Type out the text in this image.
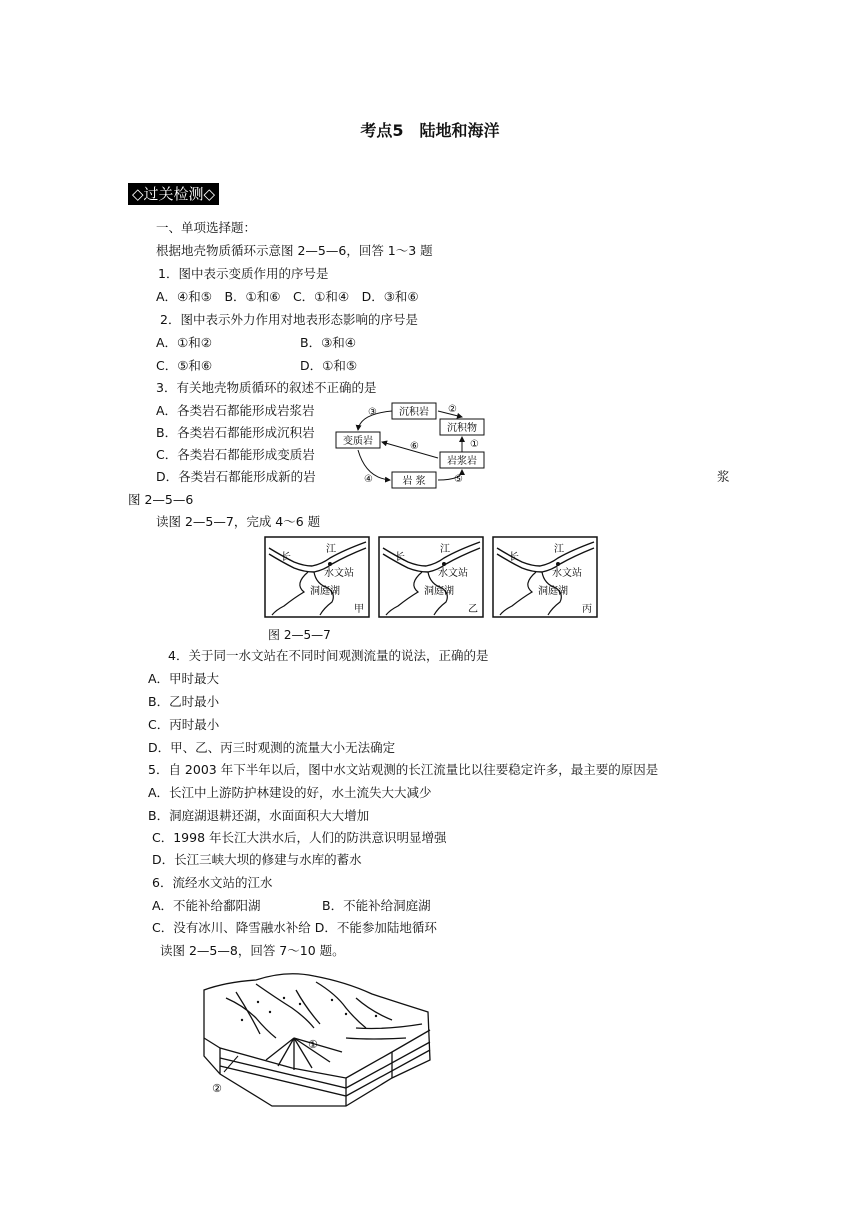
考点5　陆地和海洋
◇过关检测◇
一、单项选择题：
根据地壳物质循环示意图 2—5—6，回答 1～3 题
1．图中表示变质作用的序号是
A．④和⑤　B．①和⑥　C．①和④　D．③和⑥
2．图中表示外力作用对地表形态影响的序号是
A．①和②	B．③和④
C．⑤和⑥	D．①和⑤
3．有关地壳物质循环的叙述不正确的是
A．各类岩石都能形成岩浆岩
B．各类岩石都能形成沉积岩
C．各类岩石都能形成变质岩
D．各类岩石都能形成新的岩	浆
图 2—5—6
沉积岩
沉积物
变质岩
岩浆岩
岩 浆
②
③
①
⑥
④	⑤
读图 2—5—7，完成 4～6 题
长
江
水文站
洞庭湖
甲
长
江
水文站
洞庭湖
乙
长
江
水文站
洞庭湖
丙
图 2—5—7
4．关于同一水文站在不同时间观测流量的说法，正确的是
A．甲时最大
B．乙时最小
C．丙时最小
D．甲、乙、丙三时观测的流量大小无法确定
5．自 2003 年下半年以后，图中水文站观测的长江流量比以往要稳定许多，最主要的原因是
A．长江中上游防护林建设的好，水土流失大大减少
B．洞庭湖退耕还湖，水面面积大大增加
C．1998 年长江大洪水后，人们的防洪意识明显增强
D．长江三峡大坝的修建与水库的蓄水
6．流经水文站的江水
A．不能补给鄱阳湖	B．不能补给洞庭湖
C．没有冰川、降雪融水补给 D．不能参加陆地循环
读图 2—5—8，回答 7～10 题。
①
②
